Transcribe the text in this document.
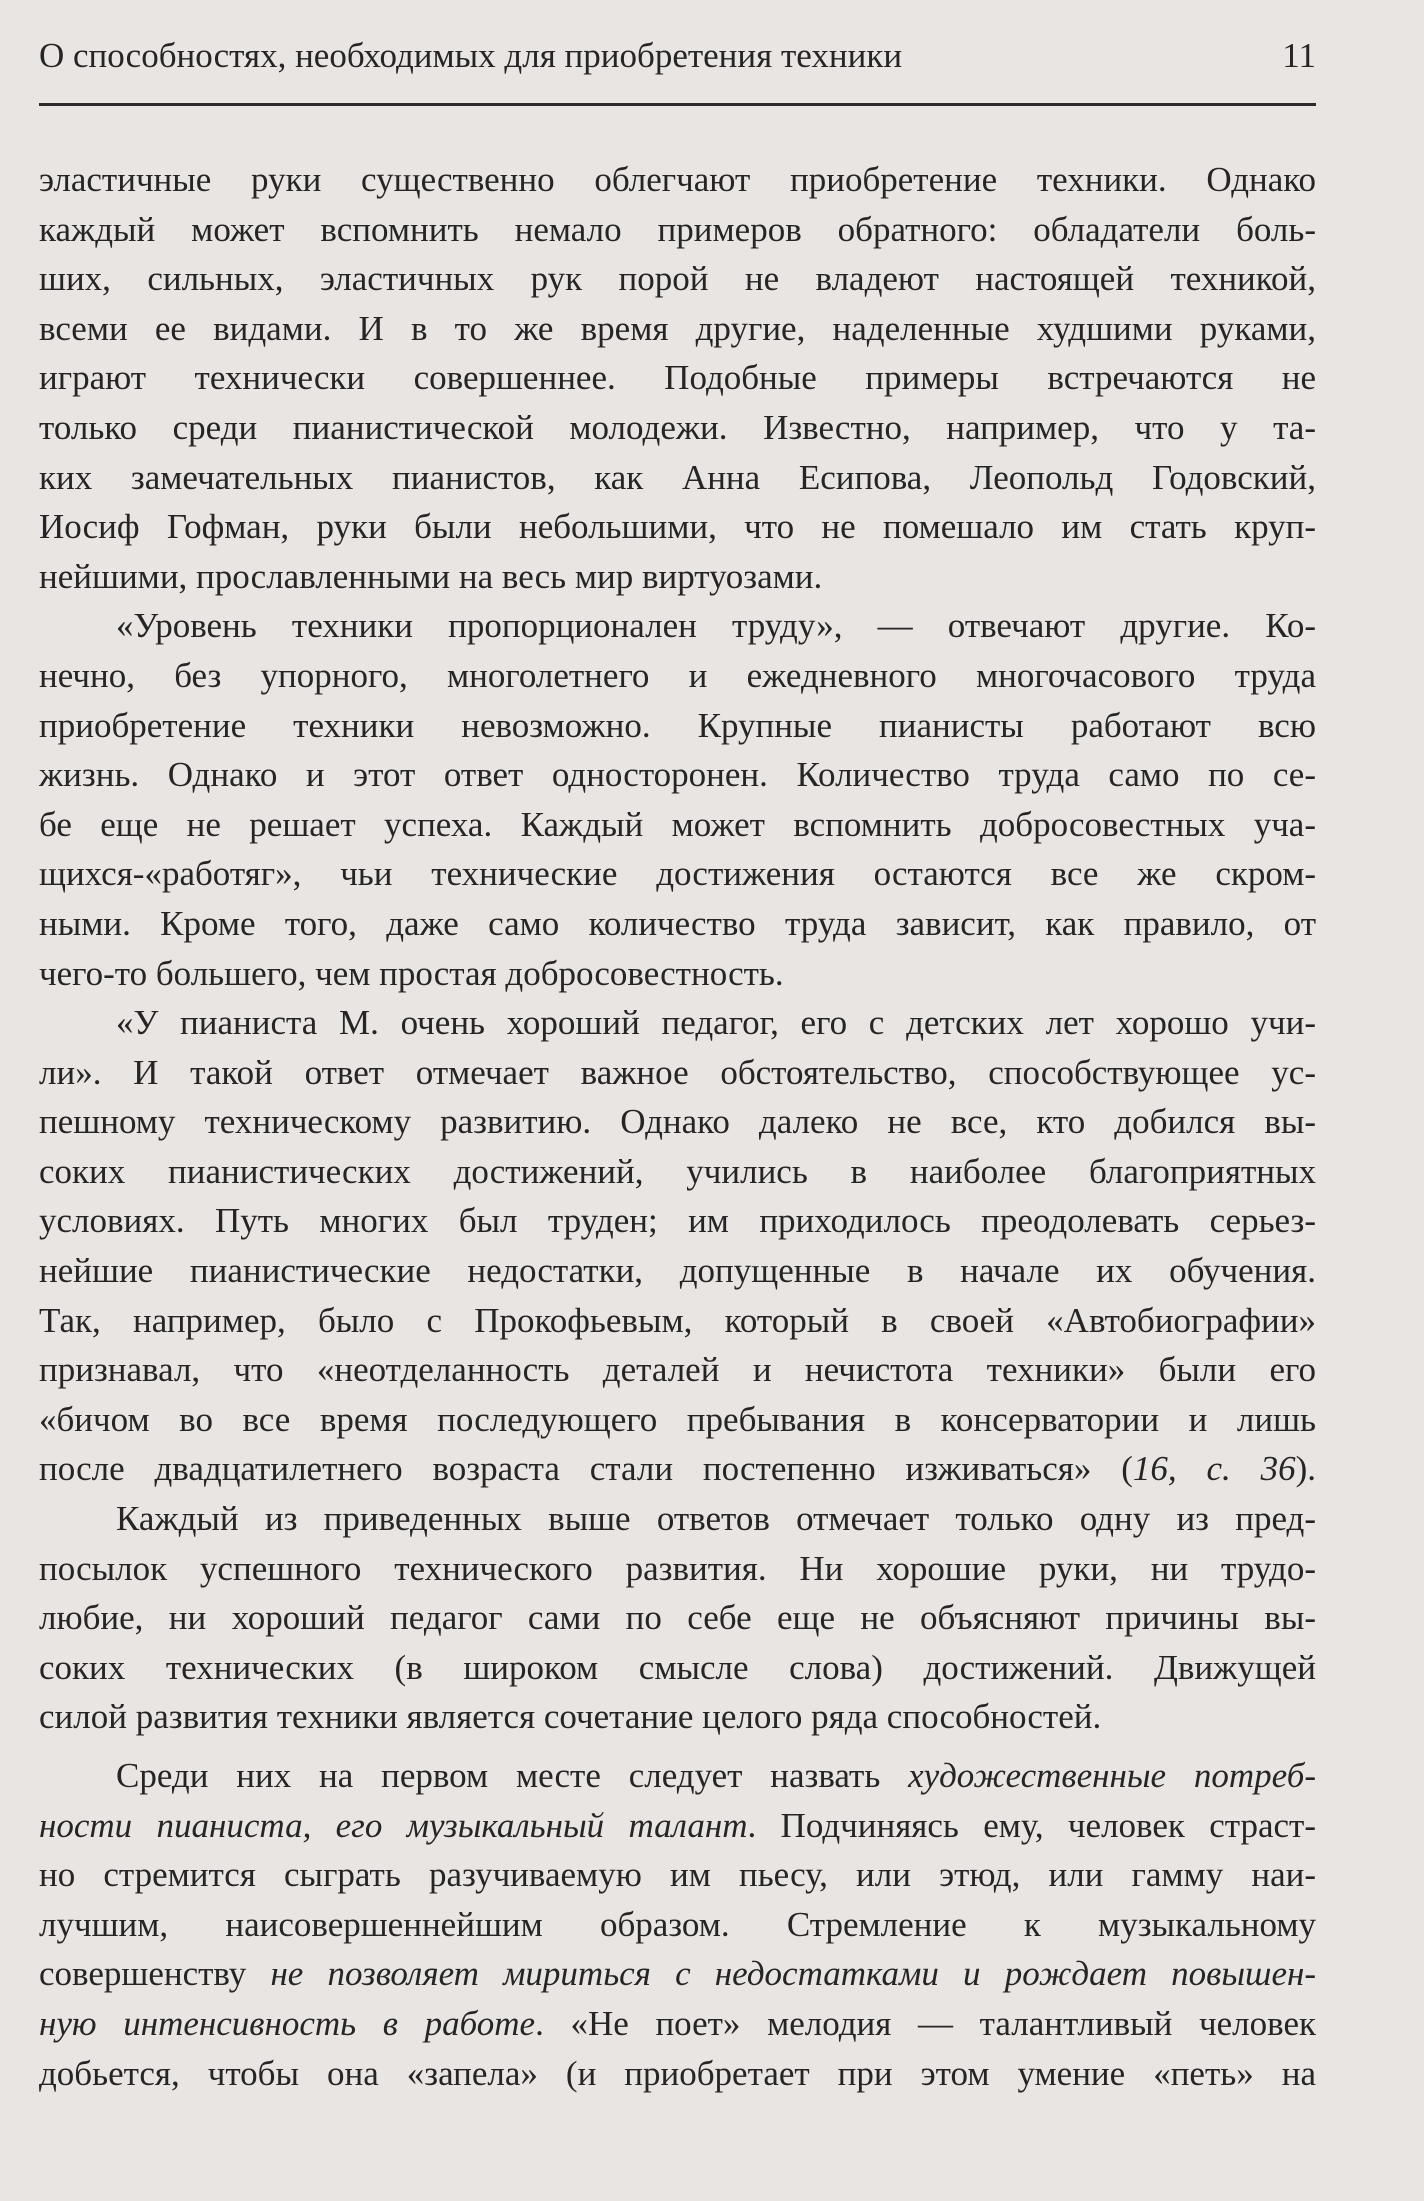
О способностях, необходимых для приобретения техники	11
эластичные руки существенно облегчают приобретение техники. Однако
каждый может вспомнить немало примеров обратного: обладатели боль-
ших, сильных, эластичных рук порой не владеют настоящей техникой,
всеми ее видами. И в то же время другие, наделенные худшими руками,
играют технически совершеннее. Подобные примеры встречаются не
только среди пианистической молодежи. Известно, например, что у та-
ких замечательных пианистов, как Анна Есипова, Леопольд Годовский,
Иосиф Гофман, руки были небольшими, что не помешало им стать круп-
нейшими, прославленными на весь мир виртуозами.
«Уровень техники пропорционален труду», — отвечают другие. Ко-
нечно, без упорного, многолетнего и ежедневного многочасового труда
приобретение техники невозможно. Крупные пианисты работают всю
жизнь. Однако и этот ответ односторонен. Количество труда само по се-
бе еще не решает успеха. Каждый может вспомнить добросовестных уча-
щихся-«работяг», чьи технические достижения остаются все же скром-
ными. Кроме того, даже само количество труда зависит, как правило, от
чего-то большего, чем простая добросовестность.
«У пианиста М. очень хороший педагог, его с детских лет хорошо учи-
ли». И такой ответ отмечает важное обстоятельство, способствующее ус-
пешному техническому развитию. Однако далеко не все, кто добился вы-
соких пианистических достижений, учились в наиболее благоприятных
условиях. Путь многих был труден; им приходилось преодолевать серьез-
нейшие пианистические недостатки, допущенные в начале их обучения.
Так, например, было с Прокофьевым, который в своей «Автобиографии»
признавал, что «неотделанность деталей и нечистота техники» были его
«бичом во все время последующего пребывания в консерватории и лишь
после двадцатилетнего возраста стали постепенно изживаться» (16, с. 36).
Каждый из приведенных выше ответов отмечает только одну из пред-
посылок успешного технического развития. Ни хорошие руки, ни трудо-
любие, ни хороший педагог сами по себе еще не объясняют причины вы-
соких технических (в широком смысле слова) достижений. Движущей
силой развития техники является сочетание целого ряда способностей.
Среди них на первом месте следует назвать художественные потреб-
ности пианиста, его музыкальный талант. Подчиняясь ему, человек страст-
но стремится сыграть разучиваемую им пьесу, или этюд, или гамму наи-
лучшим, наисовершеннейшим образом. Стремление к музыкальному
совершенству не позволяет мириться с недостатками и рождает повышен-
ную интенсивность в работе. «Не поет» мелодия — талантливый человек
добьется, чтобы она «запела» (и приобретает при этом умение «петь» на
